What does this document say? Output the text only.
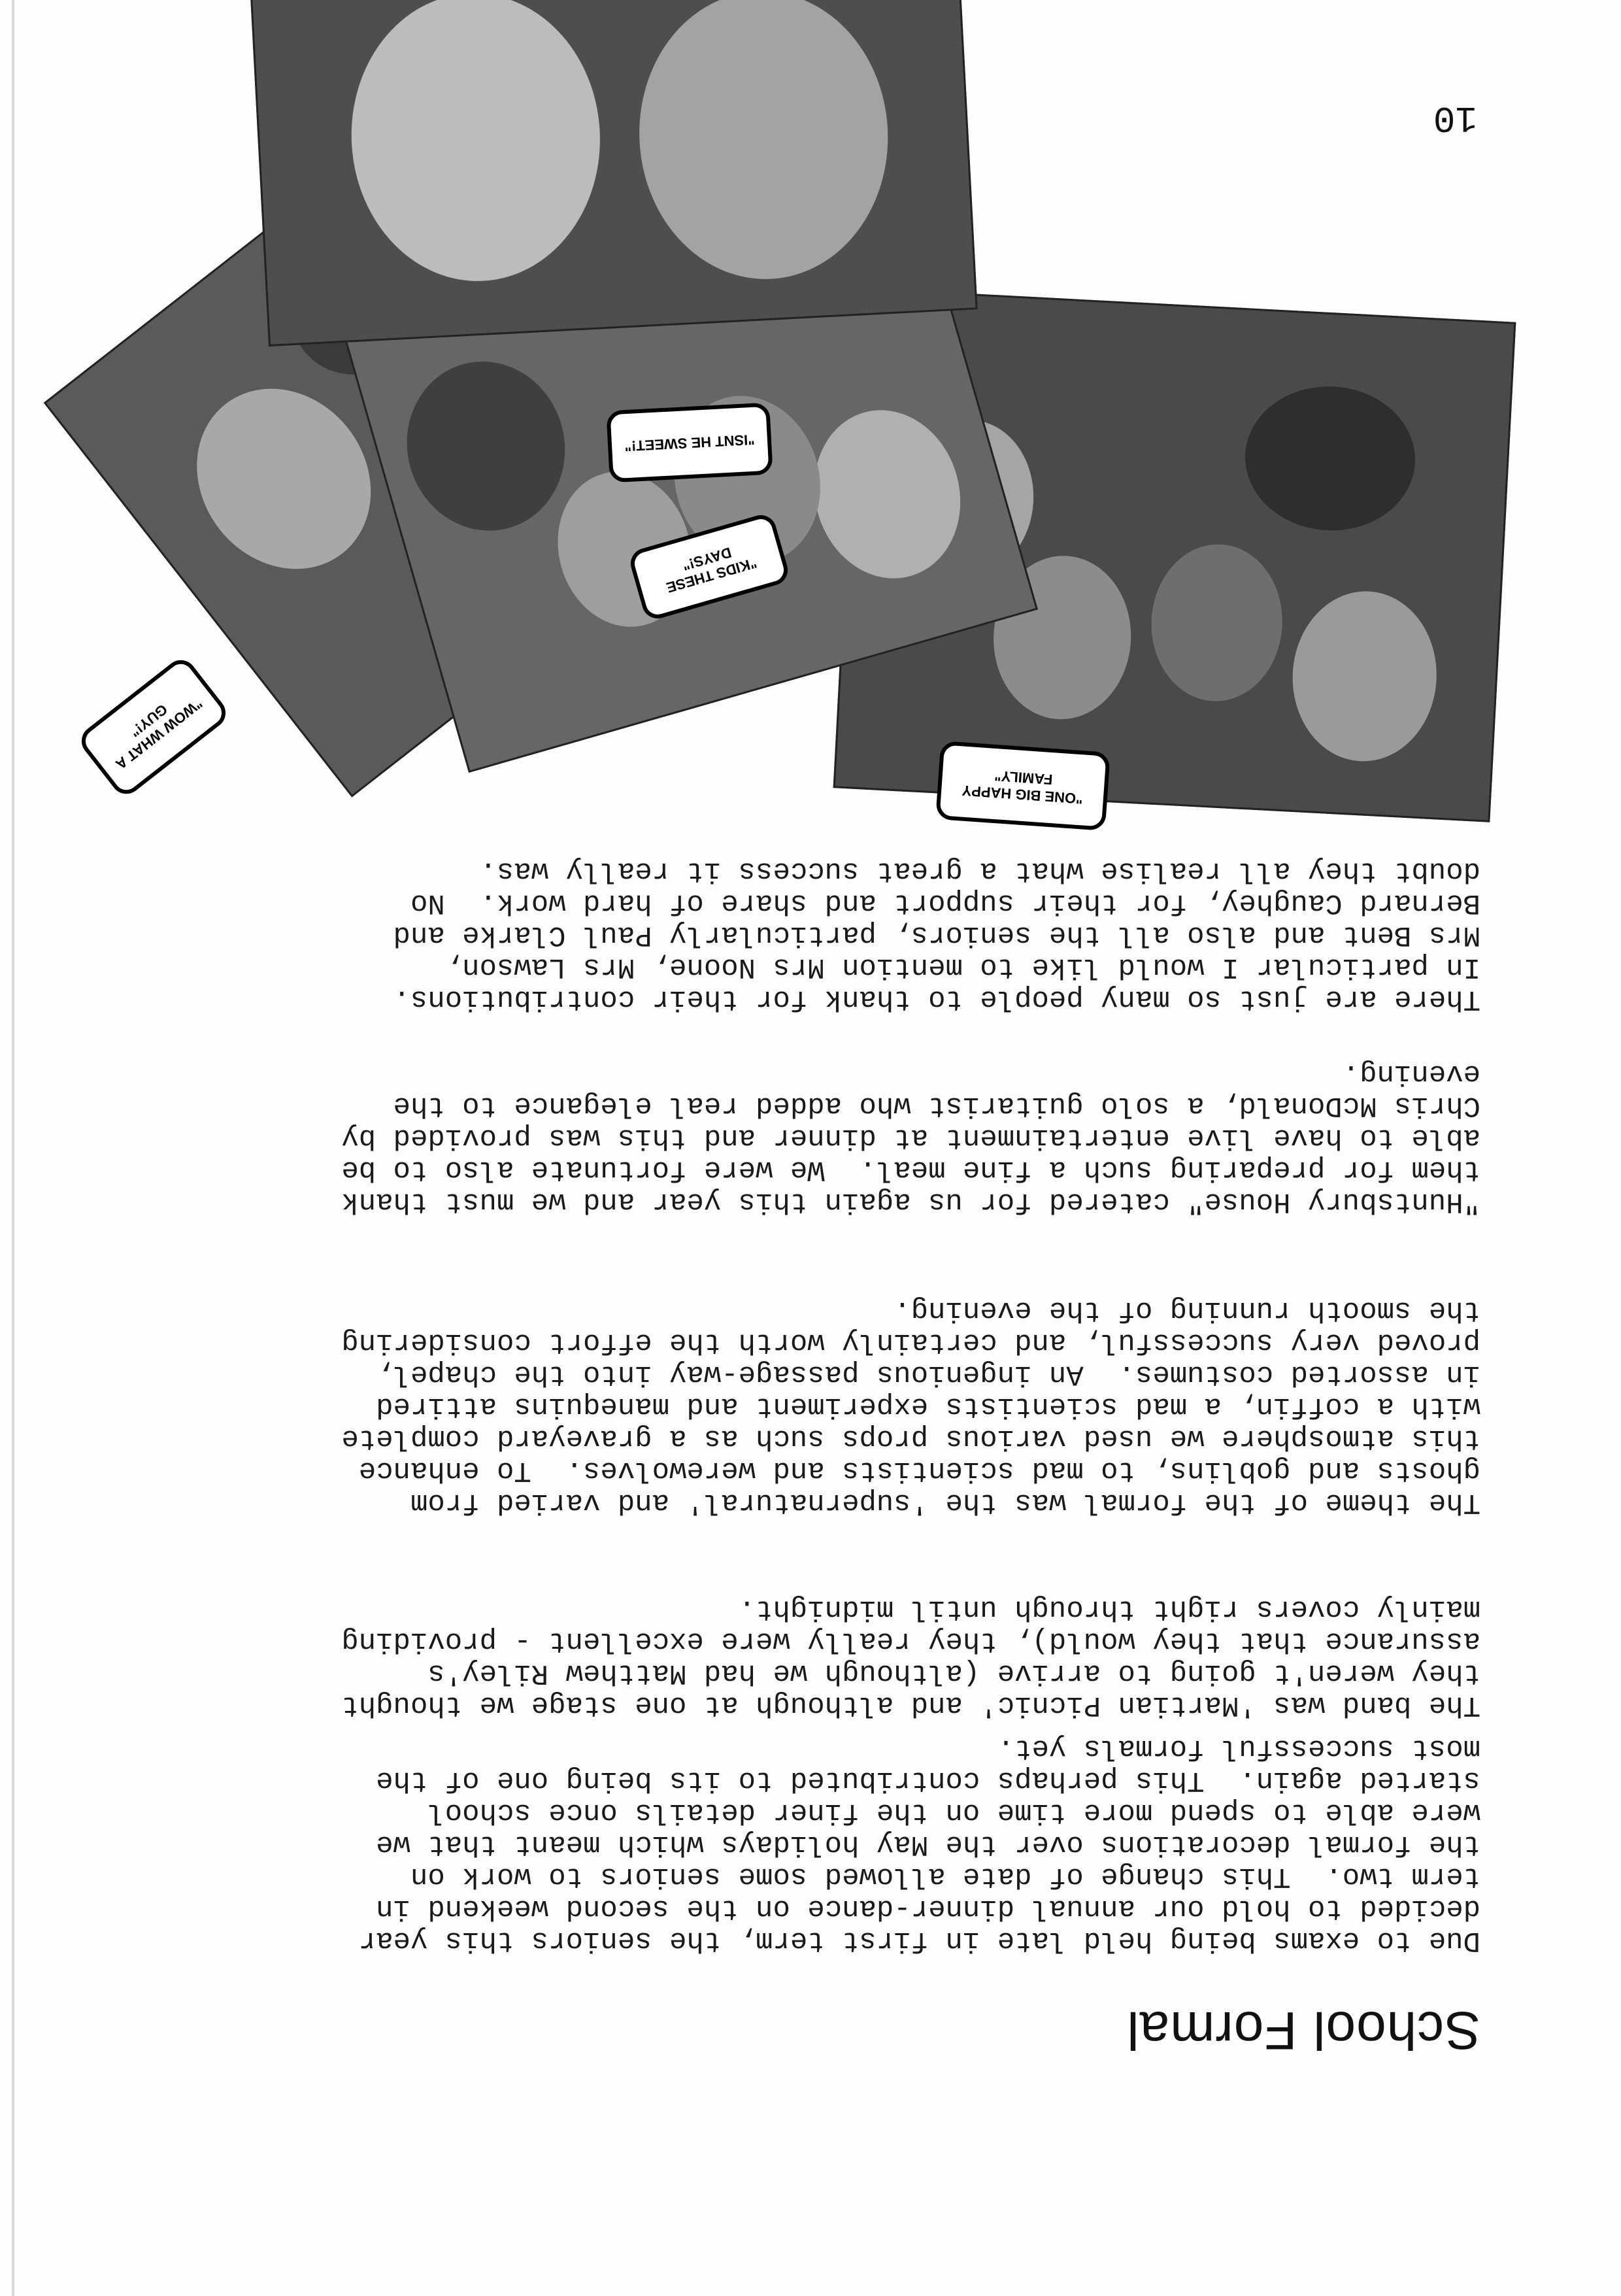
School Formal
Due to exams being held late in first term, the seniors this year
decided to hold our annual dinner-dance on the second weekend in
term two.  This change of date allowed some seniors to work on
the formal decorations over the May holidays which meant that we
were able to spend more time on the finer details once school
started again.  This perhaps contributed to its being one of the
most successful formals yet.
The band was 'Martian Picnic' and although at one stage we thought
they weren't going to arrive (although we had Matthew Riley's
assurance that they would), they really were excellent - providing
mainly covers right through until midnight.
The theme of the formal was the 'supernatural' and varied from
ghosts and goblins, to mad scientists and werewolves.  To enhance
this atmosphere we used various props such as a graveyard complete
with a coffin, a mad scientists experiment and manequins attired
in assorted costumes.  An ingenious passage-way into the chapel,
proved very successful, and certainly worth the effort considering
the smooth running of the evening.
"Huntsbury House" catered for us again this year and we must thank
them for preparing such a fine meal.  We were fortunate also to be
able to have live entertainment at dinner and this was provided by
Chris McDonald, a solo guitarist who added real elegance to the
evening.
There are just so many people to thank for their contributions.
In particular I would like to mention Mrs Noone, Mrs Lawson,
Mrs Bent and also all the seniors, particularly Paul Clarke and
Bernard Caughey, for their support and share of hard work.  No
doubt they all realise what a great success it really was.
"ONE BIG HAPPY FAMILY"
"WOW WHAT A GUY!"
"KIDS THESE DAYS!"
"ISNT HE SWEET!"
10
